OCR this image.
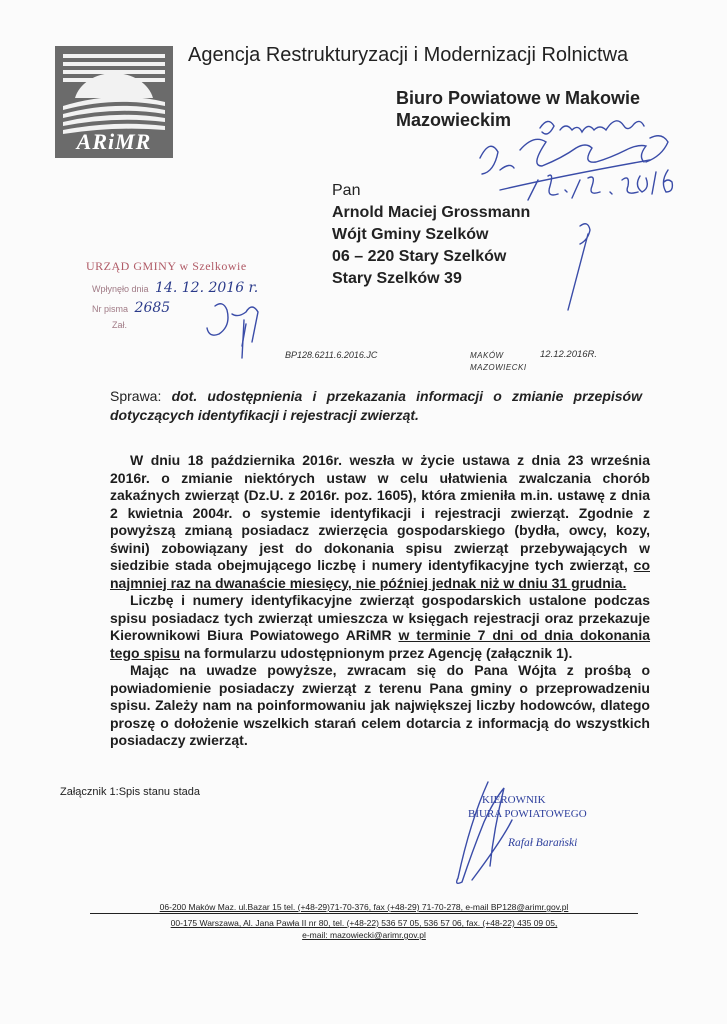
ARiMR
Agencja Restrukturyzacji i Modernizacji Rolnictwa
Biuro Powiatowe w Makowie
Mazowieckim
Pan
Arnold Maciej Grossmann
Wójt Gminy Szelków
06 – 220 Stary Szelków
Stary Szelków 39
URZĄD GMINY w Szelkowie
Wpłynęło dnia 14. 12. 2016 r.
Nr pisma 2685
Zał.
BP128.6211.6.2016.JC	MAKÓW
MAZOWIECKI
12.12.2016R.
Sprawa: dot. udostępnienia i przekazania informacji o zmianie przepisów dotyczących identyfikacji i rejestracji zwierząt.

W dniu 18 października 2016r. weszła w życie ustawa z dnia 23 września 2016r. o zmianie niektórych ustaw w celu ułatwienia zwalczania chorób zakaźnych zwierząt (Dz.U. z 2016r. poz. 1605), która zmieniła m.in. ustawę z dnia 2 kwietnia 2004r. o systemie identyfikacji i rejestracji zwierząt. Zgodnie z powyższą zmianą posiadacz zwierzęcia gospodarskiego (bydła, owcy, kozy, świni) zobowiązany jest do dokonania spisu zwierząt przebywających w siedzibie stada obejmującego liczbę i numery identyfikacyjne tych zwierząt, co najmniej raz na dwanaście miesięcy, nie później jednak niż w dniu 31 grudnia.

Liczbę i numery identyfikacyjne zwierząt gospodarskich ustalone podczas spisu posiadacz tych zwierząt umieszcza w księgach rejestracji oraz przekazuje Kierownikowi Biura Powiatowego ARiMR w terminie 7 dni od dnia dokonania tego spisu na formularzu udostępnionym przez Agencję (załącznik 1).

Mając na uwadze powyższe, zwracam się do Pana Wójta z prośbą o powiadomienie posiadaczy zwierząt z terenu Pana gminy o przeprowadzeniu spisu. Zależy nam na poinformowaniu jak największej liczby hodowców, dlatego proszę o dołożenie wszelkich starań celem dotarcia z informacją do wszystkich posiadaczy zwierząt.

Załącznik 1:Spis stanu stada
KIEROWNIK
BIURA POWIATOWEGO
Rafał Barański
06-200 Maków Maz. ul.Bazar 15 tel. (+48-29)71-70-376, fax (+48-29) 71-70-278, e-mail BP128@arimr.gov.pl
00-175 Warszawa, Al. Jana Pawła II nr 80, tel. (+48-22) 536 57 05, 536 57 06, fax. (+48-22) 435 09 05,
e-mail: mazowiecki@arimr.gov.pl
